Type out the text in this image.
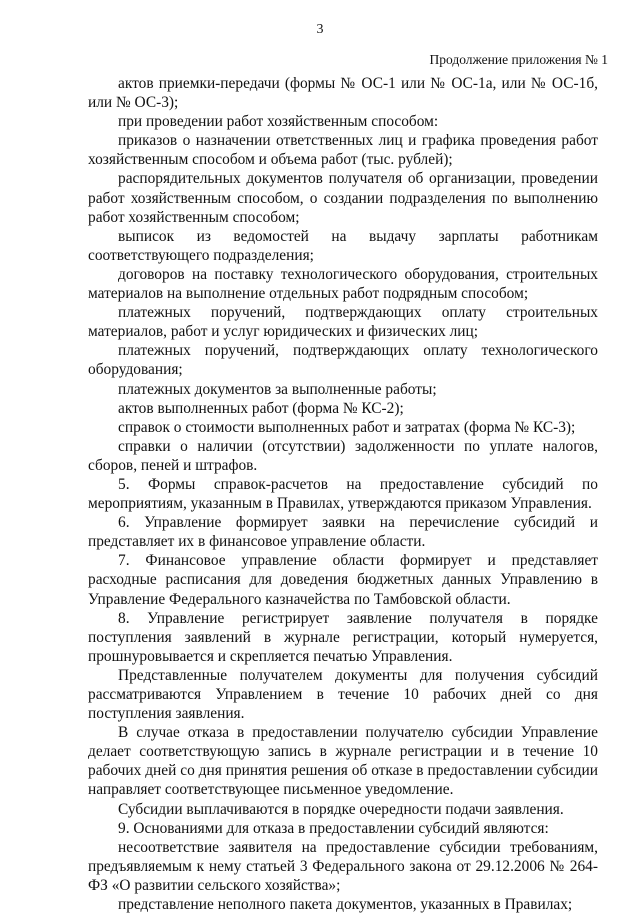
3
Продолжение приложения № 1

актов приемки-передачи (формы № ОС-1 или № ОС-1а, или № ОС-1б, или № ОС-3);

при проведении работ хозяйственным способом:

приказов о назначении ответственных лиц и графика проведения работ хозяйственным способом и объема работ (тыс. рублей);

распорядительных документов получателя об организации, проведении работ хозяйственным способом, о создании подразделения по выполнению работ хозяйственным способом;

выписок из ведомостей на выдачу зарплаты работникам соответствующего подразделения;

договоров на поставку технологического оборудования, строительных материалов на выполнение отдельных работ подрядным способом;

платежных поручений, подтверждающих оплату строительных материалов, работ и услуг юридических и физических лиц;

платежных поручений, подтверждающих оплату технологического оборудования;

платежных документов за выполненные работы;

актов выполненных работ (форма № КС-2);

справок о стоимости выполненных работ и затратах (форма № КС-3);

справки о наличии (отсутствии) задолженности по уплате налогов, сборов, пеней и штрафов.

5. Формы справок-расчетов на предоставление субсидий по мероприятиям, указанным в Правилах, утверждаются приказом Управления.

6. Управление формирует заявки на перечисление субсидий и представляет их в финансовое управление области.

7. Финансовое управление области формирует и представляет расходные расписания для доведения бюджетных данных Управлению в Управление Федерального казначейства по Тамбовской области.

8. Управление регистрирует заявление получателя в порядке поступления заявлений в журнале регистрации, который нумеруется, прошнуровывается и скрепляется печатью Управления.

Представленные получателем документы для получения субсидий рассматриваются Управлением в течение 10 рабочих дней со дня поступления заявления.

В случае отказа в предоставлении получателю субсидии Управление делает соответствующую запись в журнале регистрации и в течение 10 рабочих дней со дня принятия решения об отказе в предоставлении субсидии направляет соответствующее письменное уведомление.

Субсидии выплачиваются в порядке очередности подачи заявления.

9. Основаниями для отказа в предоставлении субсидий являются:

несоответствие заявителя на предоставление субсидии требованиям, предъявляемым к нему статьей 3 Федерального закона от 29.12.2006 № 264-ФЗ «О развитии сельского хозяйства»;

представление неполного пакета документов, указанных в Правилах;
